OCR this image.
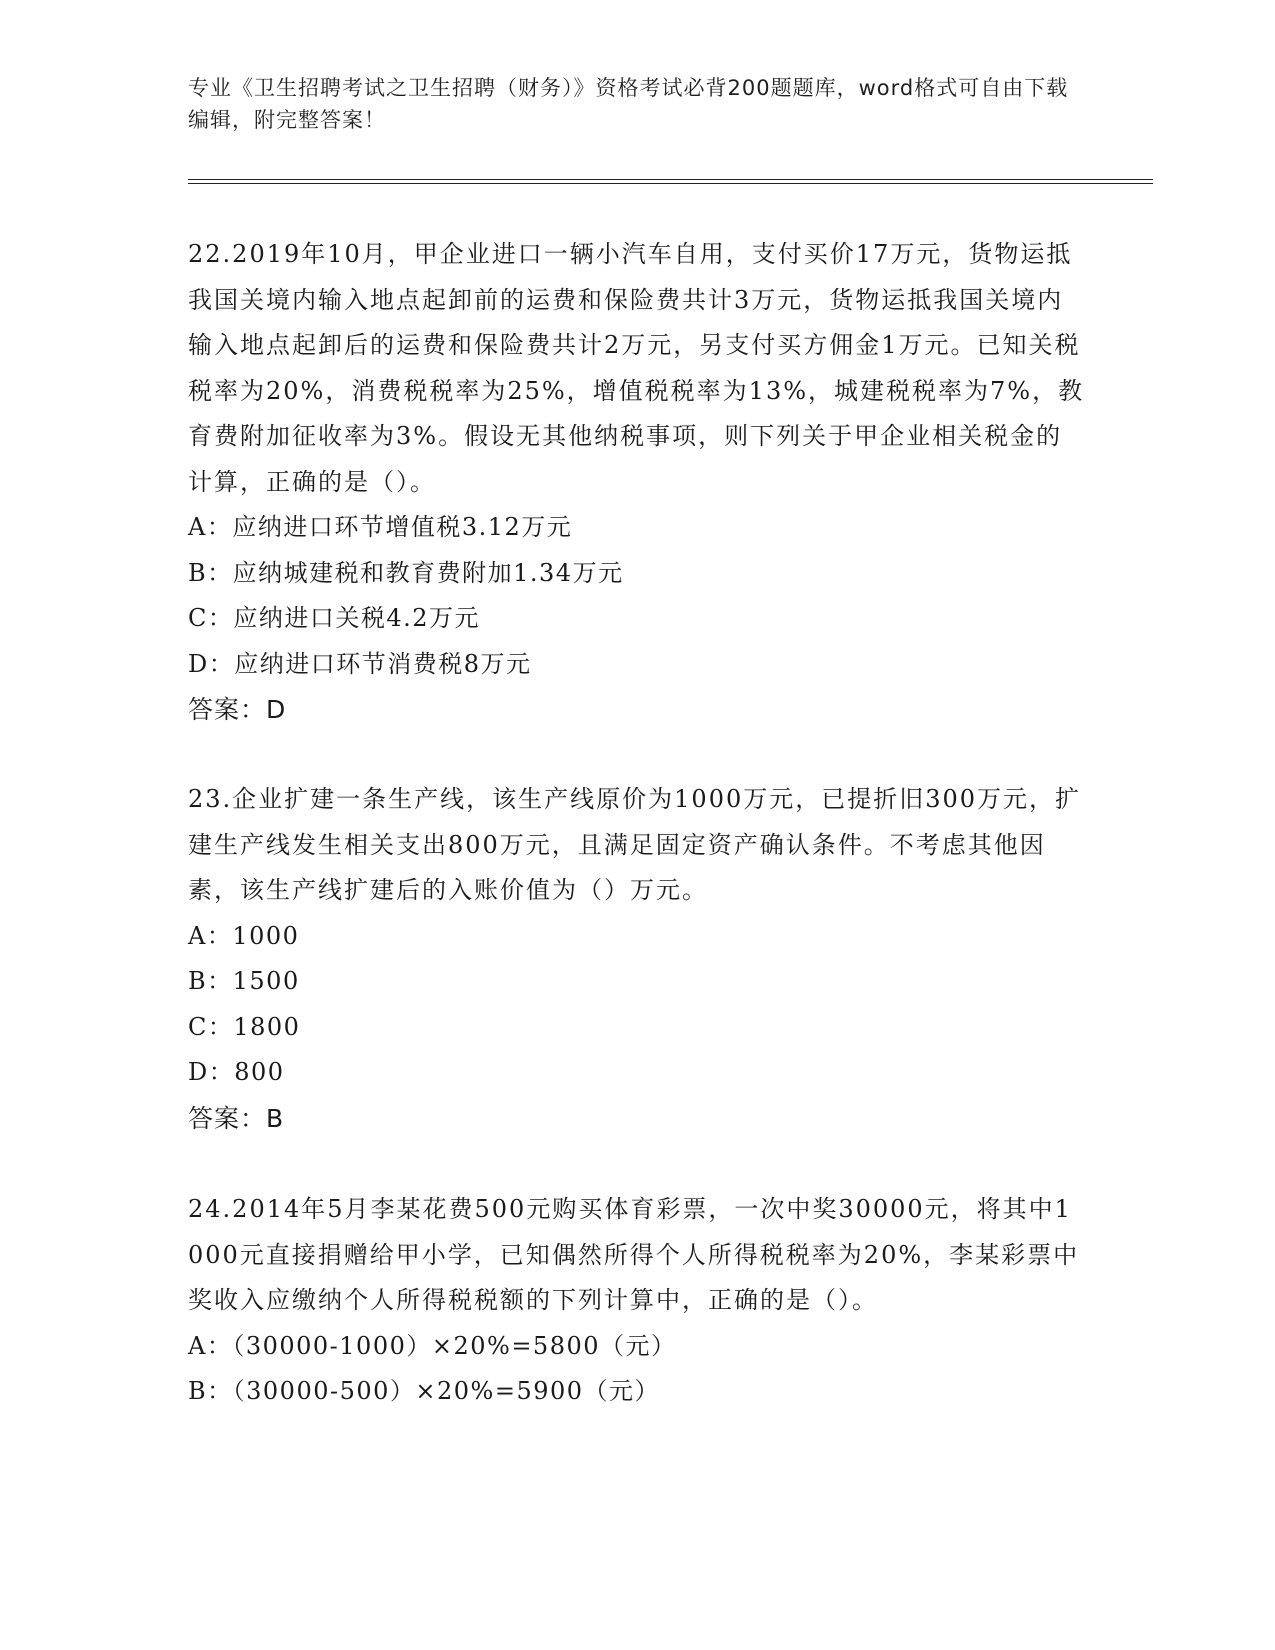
专业《卫生招聘考试之卫生招聘（财务）》资格考试必背200题题库，word格式可自由下载编辑，附完整答案！

22.2019年10月，甲企业进口一辆小汽车自用，支付买价17万元，货物运抵我国关境内输入地点起卸前的运费和保险费共计3万元，货物运抵我国关境内输入地点起卸后的运费和保险费共计2万元，另支付买方佣金1万元。已知关税税率为20%，消费税税率为25%，增值税税率为13%，城建税税率为7%，教育费附加征收率为3%。假设无其他纳税事项，则下列关于甲企业相关税金的计算，正确的是（）。

A：应纳进口环节增值税3.12万元
B：应纳城建税和教育费附加1.34万元
C：应纳进口关税4.2万元
D：应纳进口环节消费税8万元

答案：D

23.企业扩建一条生产线，该生产线原价为1000万元，已提折旧300万元，扩建生产线发生相关支出800万元，且满足固定资产确认条件。不考虑其他因素，该生产线扩建后的入账价值为（）万元。

A：1000
B：1500
C：1800
D：800

答案：B

24.2014年5月李某花费500元购买体育彩票，一次中奖30000元，将其中1000元直接捐赠给甲小学，已知偶然所得个人所得税税率为20%，李某彩票中奖收入应缴纳个人所得税税额的下列计算中，正确的是（）。

A：（30000-1000）×20%=5800（元）
B：（30000-500）×20%=5900（元）
